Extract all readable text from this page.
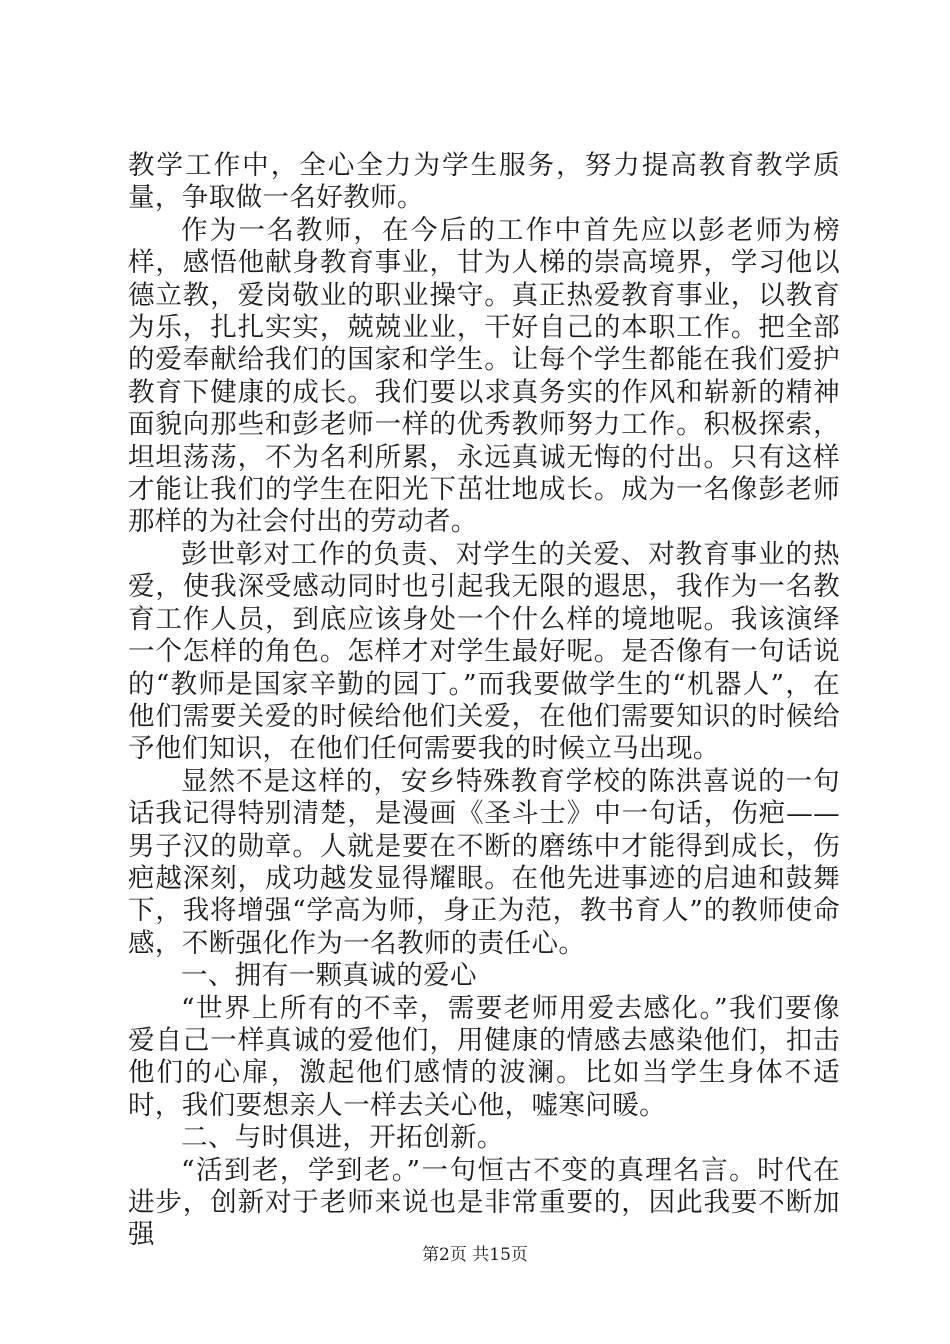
教学工作中，全心全力为学生服务，努力提高教育教学质量，争取做一名好教师。

作为一名教师，在今后的工作中首先应以彭老师为榜样，感悟他献身教育事业，甘为人梯的崇高境界，学习他以德立教，爱岗敬业的职业操守。真正热爱教育事业，以教育为乐，扎扎实实，兢兢业业，干好自己的本职工作。把全部的爱奉献给我们的国家和学生。让每个学生都能在我们爱护教育下健康的成长。我们要以求真务实的作风和崭新的精神面貌向那些和彭老师一样的优秀教师努力工作。积极探索，坦坦荡荡，不为名利所累，永远真诚无悔的付出。只有这样才能让我们的学生在阳光下茁壮地成长。成为一名像彭老师那样的为社会付出的劳动者。

彭世彰对工作的负责、对学生的关爱、对教育事业的热爱，使我深受感动同时也引起我无限的遐思，我作为一名教育工作人员，到底应该身处一个什么样的境地呢。我该演绎一个怎样的角色。怎样才对学生最好呢。是否像有一句话说的“教师是国家辛勤的园丁。”而我要做学生的“机器人”，在他们需要关爱的时候给他们关爱，在他们需要知识的时候给予他们知识，在他们任何需要我的时候立马出现。

显然不是这样的，安乡特殊教育学校的陈洪喜说的一句话我记得特别清楚，是漫画《圣斗士》中一句话，伤疤——男子汉的勋章。人就是要在不断的磨练中才能得到成长，伤疤越深刻，成功越发显得耀眼。在他先进事迹的启迪和鼓舞下，我将增强“学高为师，身正为范，教书育人”的教师使命感，不断强化作为一名教师的责任心。

一、拥有一颗真诚的爱心

“世界上所有的不幸，需要老师用爱去感化。”我们要像爱自己一样真诚的爱他们，用健康的情感去感染他们，扣击他们的心扉，激起他们感情的波澜。比如当学生身体不适时，我们要想亲人一样去关心他，嘘寒问暖。

二、与时俱进，开拓创新。

“活到老，学到老。”一句恒古不变的真理名言。时代在进步，创新对于老师来说也是非常重要的，因此我要不断加强

第2页 共15页
